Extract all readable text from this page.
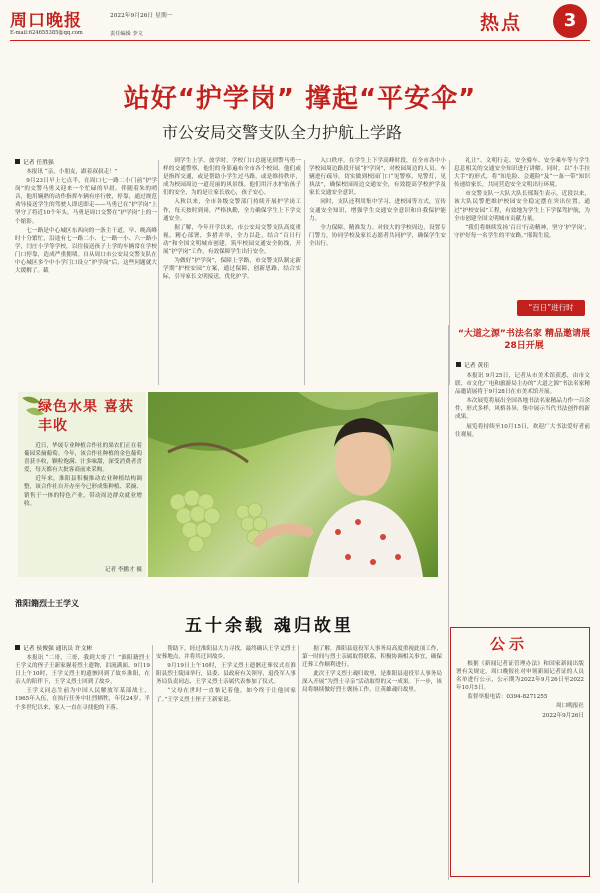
周口晚报	2022年9月26日 星期一
E-mail:624655385@qq.com	责任编辑 李文	热点	3
站好“护学岗” 撑起“平安伞”
市公安局交警支队全力护航上学路
记者 任胜强

本报讯 “亲，小朋友，跟着叔叔走！”

9月23日早上七点半，在周口七一路二小门前“护学岗”的交警马勇又迎来一个忙碌的早晨。伴随着朱的哨音，他用娴熟的动作指挥车辆有序行驶，停靠，通过规范劝导接送学生的驾驶人即送即走——马勇已在“护学岗”上坚守了将近10个年头。马勇是周口交警在“护学岗”上的一个缩影。

七一路是中心城区东西向的一条主干道，早、晚高峰时十分繁忙，沿途有七一路二小、七一路一小、六一路小学，闫庄小学等学校，以往接送孩子上学的车辆常在学校门口停靠，造成严重拥堵。自从周口市公安局交警支队在中心城区多个中小学门口设立“护学岗”后，这些问题就大大缓解了。截

到学生上学、放学时，学校门口总能见到警马勇一样的交通警察，他们的身影遍布全市各个校园，他们或是指挥交通，或是帮助小学生过马路，或是维持秩序，成为校园周边一道亮丽的风景线。他们用汗水护佑孩子们的安全，为的是让家长放心，孩子安心。

入秋以来，全市各级交警部门持续开展护学岗工作，每天按时到岗，严格执勤，全力确保学生上下学交通安全。

据了解，今年开学以来，市公安局交警支队高度重视，精心部署，多措并举，全力以赴，结合“百日行动”和全国文明城市创建，筑牢校园交通安全防线，开展“护学岗”工作，有效保障学生出行安全。

为做好“护学岗”，保障上学路，市交警支队制定新学期“护校安园”方案，通过保障，创新思路，结合实际，引导家长文明接送，优化护学。

入口秩序。在学生上下学高峰时段，在全市各中小学校园周边路段开展“护学岗”，对校园周边的人员、车辆进行疏导，切实做到校园门口“见警察，见警灯，见执法”，确保校园周边交通安全，有效提高学校护学及家长交通安全意识。

同时，支队还利用集中学习、进校园等方式，宣传交通安全知识，增强学生交通安全意识和自我保护能力。

全力保障，精准发力。对较大的学校周边，设置专门警力，协同学校及家长志愿者共同护学，确保学生安全出行。

礼让”、文明行走、安全骑车、安全乘车等与学生息息相关的交通安全知识进行讲解。同时，以“小手拉大手”的形式，将“知危险、会避险”及“一盔一带”知识传递给家长，共同营造安全文明出行环境。

市交警支队一大队大队长邢海生表示，近段以来，该大队民警把维护校园安全稳定摆在突出位置，通过“护校安园”工程，有效地为学生上下学保驾护航，为全市创建全国文明城市贡献力量。

“我们将继续发扬‘百日’行动精神，坚守‘护学岗’，守护好每一名学生的平安路。”邢海生说。

“百日”进行时
绿色水果 喜获丰收

近日，华晟专业种植合作社的果农们正在着葡园采摘葡萄。今年，该合作社种植的金色葡萄喜获丰收，颗粒饱满、汁多味甜，深受消费者喜爱，每天都有大批客商前来采购。

近年来，淮阳县积极推动农业种植结构调整，该合作社自开办至今已形成集种植、采摘、销售于一体的特色产业，带动周边群众就业增收。

记者 李鹏才 摄
淮阳籍烈士王学义
五十余载 魂归故里
记者 侯俊强 通讯员 许文彬

本报讯 “二哥，三哥，我到大哥了！”淮阳籍烈士王学义的侄子王新家握着烈士遗物，泪流满面。9月19日上午10时，王学义烈士的遗骸回到了故乡淮阳，在亲人的陪伴下，王学义烈士回到了故乡。

王学义同志生前为中国人民解放军某部战士，1965年入伍，在执行任务中壮烈牺牲，年仅24岁。半个多世纪以来，家人一直在寻找他的下落。

帮助下，经过淮阳县大力寻找，最终确认王学义烈士安葬地点，并将其迁回故乡。

9月19日上午10时，王学义烈士遗骸迁葬仪式在淮阳县烈士陵园举行，县委、县政府有关领导，退役军人事务局负责同志，王学义烈士亲属代表参加了仪式。

“父母在世时一直惦记着他，如今终于让他回家了。”王学义烈士侄子王新家说。

据了解，淮阳县退役军人事务局高度重视此项工作，第一时间与烈士亲属取得联系，积极协调相关事宜，确保迁葬工作顺利进行。

此次王学义烈士魂归故里，是淮阳县退役军人事务局深入开展“为烈士寻亲”活动取得的又一成果。下一步，该局将继续做好烈士褒扬工作，让英雄魂归故里。

“大道之源”书法名家 精品邀请展28日开展
记者 黄佳

本报讯 9月25日，记者从市美术馆获悉，由市文联、市文化广电和旅游局主办的“大道之源”书法名家精品邀请展将于9月28日在市美术馆开展。

本次展览将展出全国各地书法名家精品力作一百余件，形式多样，风格各异，集中展示当代书法创作的新成果。

展览将持续至10月15日，欢迎广大书法爱好者前往观展。

公示

根据《新闻记者证管理办法》和国家新闻出版署有关规定，周口晚报社对申领新闻记者证的人员名单进行公示，公示期为2022年9月26日至2022年10月5日。

监督举报电话：0394-8271255

周口晚报社

2022年9月26日
